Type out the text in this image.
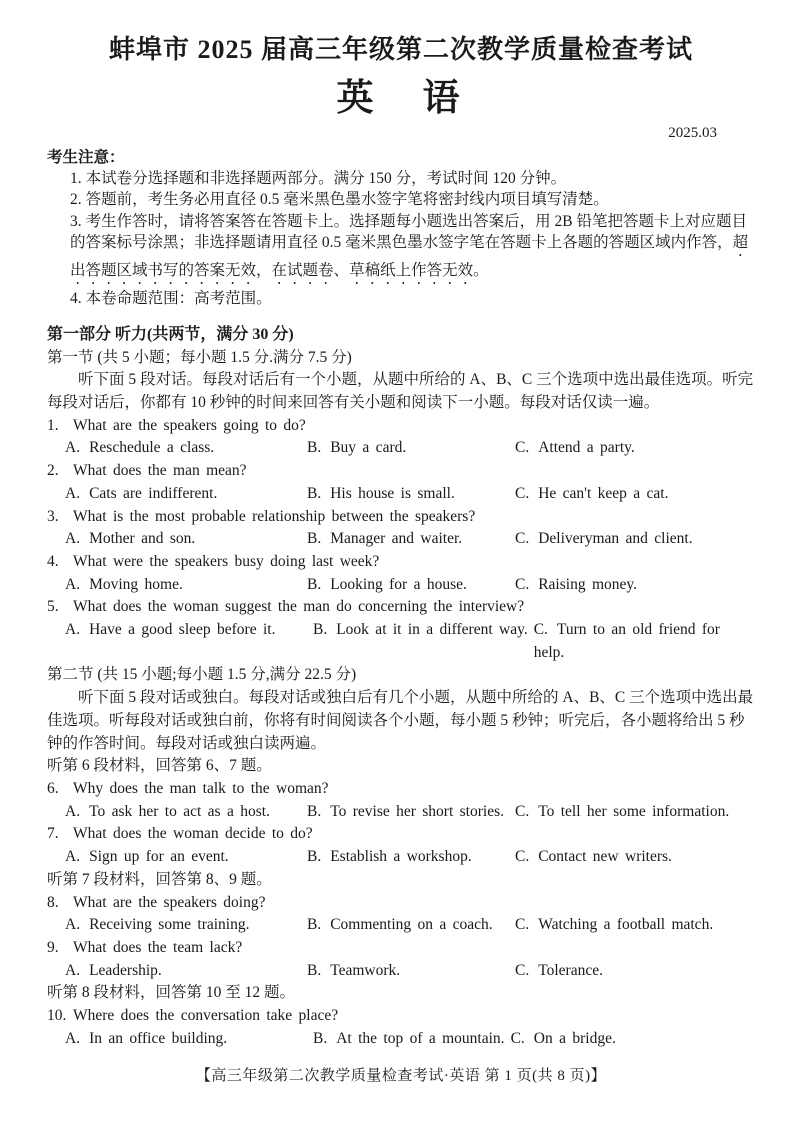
蚌埠市 2025 届高三年级第二次教学质量检查考试
英　语
2025.03
考生注意：
1. 本试卷分选择题和非选择题两部分。满分 150 分，考试时间 120 分钟。
2. 答题前，考生务必用直径 0.5 毫米黑色墨水签字笔将密封线内项目填写清楚。
3. 考生作答时，请将答案答在答题卡上。选择题每小题选出答案后，用 2B 铅笔把答题卡上对应题目的答案标号涂黑；非选择题请用直径 0.5 毫米黑色墨水签字笔在答题卡上各题的答题区域内作答，超出答题区域书写的答案无效，在试题卷、草稿纸上作答无效。
4. 本卷命题范围：高考范围。
第一部分 听力(共两节，满分 30 分)
第一节 (共 5 小题；每小题 1.5 分.满分 7.5 分)
听下面 5 段对话。每段对话后有一个小题，从题中所给的 A、B、C 三个选项中选出最佳选项。听完每段对话后，你都有 10 秒钟的时间来回答有关小题和阅读下一小题。每段对话仅读一遍。
1. What are the speakers going to do?
A. Reschedule a class.	B. Buy a card.	C. Attend a party.
2. What does the man mean?
A. Cats are indifferent.	B. His house is small.	C. He can't keep a cat.
3. What is the most probable relationship between the speakers?
A. Mother and son.	B. Manager and waiter.	C. Deliveryman and client.
4. What were the speakers busy doing last week?
A. Moving home.	B. Looking for a house.	C. Raising money.
5. What does the woman suggest the man do concerning the interview?
A. Have a good sleep before it.	B. Look at it in a different way. C. Turn to an old friend for help.
第二节 (共 15 小题;每小题 1.5 分,满分 22.5 分)
听下面 5 段对话或独白。每段对话或独白后有几个小题，从题中所给的 A、B、C 三个选项中选出最佳选项。听每段对话或独白前，你将有时间阅读各个小题，每小题 5 秒钟；听完后，各小题将给出 5 秒钟的作答时间。每段对话或独白读两遍。
听第 6 段材料，回答第 6、7 题。
6. Why does the man talk to the woman?
A. To ask her to act as a host.	B. To revise her short stories. C. To tell her some information.
7. What does the woman decide to do?
A. Sign up for an event.	B. Establish a workshop.	C. Contact new writers.
听第 7 段材料，回答第 8、9 题。
8. What are the speakers doing?
A. Receiving some training.	B. Commenting on a coach.	C. Watching a football match.
9. What does the team lack?
A. Leadership.	B. Teamwork.	C. Tolerance.
听第 8 段材料，回答第 10 至 12 题。
10. Where does the conversation take place?
A. In an office building.	B. At the top of a mountain. C. On a bridge.
【高三年级第二次教学质量检查考试·英语 第 1 页(共 8 页)】
